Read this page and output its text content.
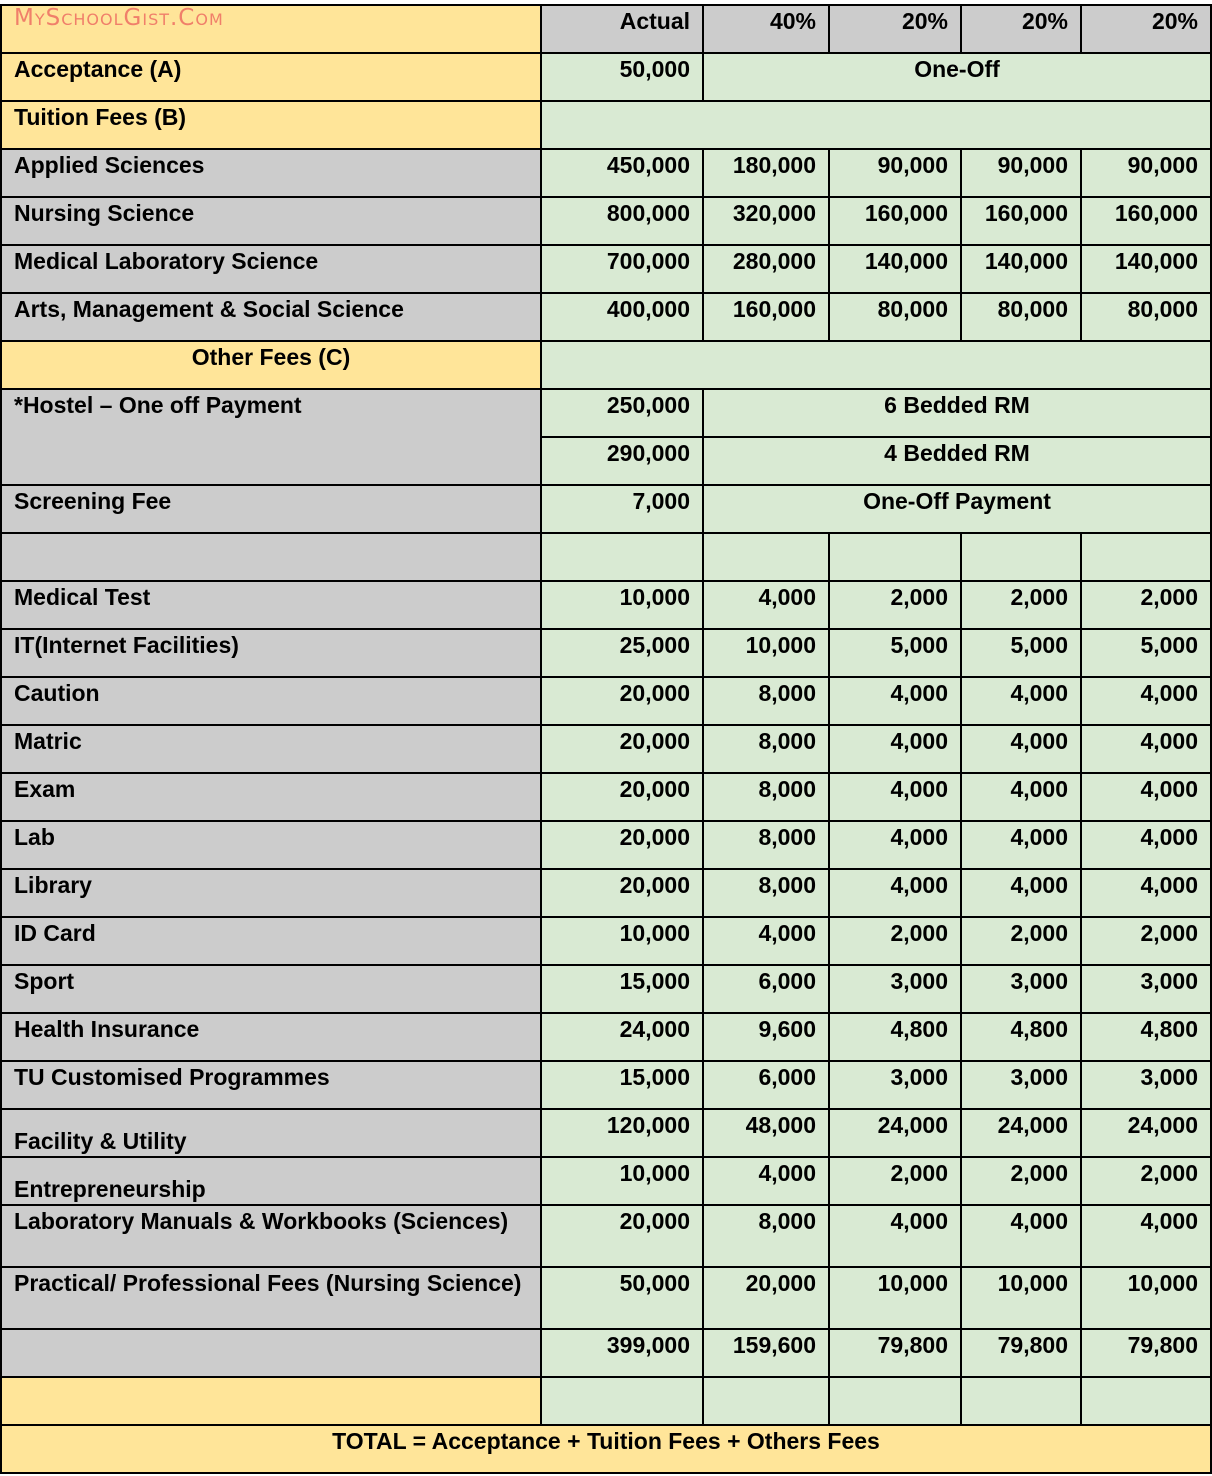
MySchoolGist.Com	Actual	40%	20%	20%	20%
Acceptance (A)	50,000	One-Off			
Tuition Fees (B)					
Applied Sciences	450,000	180,000	90,000	90,000	90,000
Nursing Science	800,000	320,000	160,000	160,000	160,000
Medical Laboratory Science	700,000	280,000	140,000	140,000	140,000
Arts, Management & Social Science	400,000	160,000	80,000	80,000	80,000
Other Fees (C)					
*Hostel – One off Payment	250,000	6 Bedded RM			
	290,000	4 Bedded RM			
Screening Fee	7,000	One-Off Payment			

Medical Test	10,000	4,000	2,000	2,000	2,000
IT(Internet Facilities)	25,000	10,000	5,000	5,000	5,000
Caution	20,000	8,000	4,000	4,000	4,000
Matric	20,000	8,000	4,000	4,000	4,000
Exam	20,000	8,000	4,000	4,000	4,000
Lab	20,000	8,000	4,000	4,000	4,000
Library	20,000	8,000	4,000	4,000	4,000
ID Card	10,000	4,000	2,000	2,000	2,000
Sport	15,000	6,000	3,000	3,000	3,000
Health Insurance	24,000	9,600	4,800	4,800	4,800
TU Customised Programmes	15,000	6,000	3,000	3,000	3,000
Facility & Utility	120,000	48,000	24,000	24,000	24,000
Entrepreneurship	10,000	4,000	2,000	2,000	2,000
Laboratory Manuals & Workbooks (Sciences)	20,000	8,000	4,000	4,000	4,000
Practical/ Professional Fees (Nursing Science)	50,000	20,000	10,000	10,000	10,000
	399,000	159,600	79,800	79,800	79,800

TOTAL = Acceptance + Tuition Fees + Others Fees					
